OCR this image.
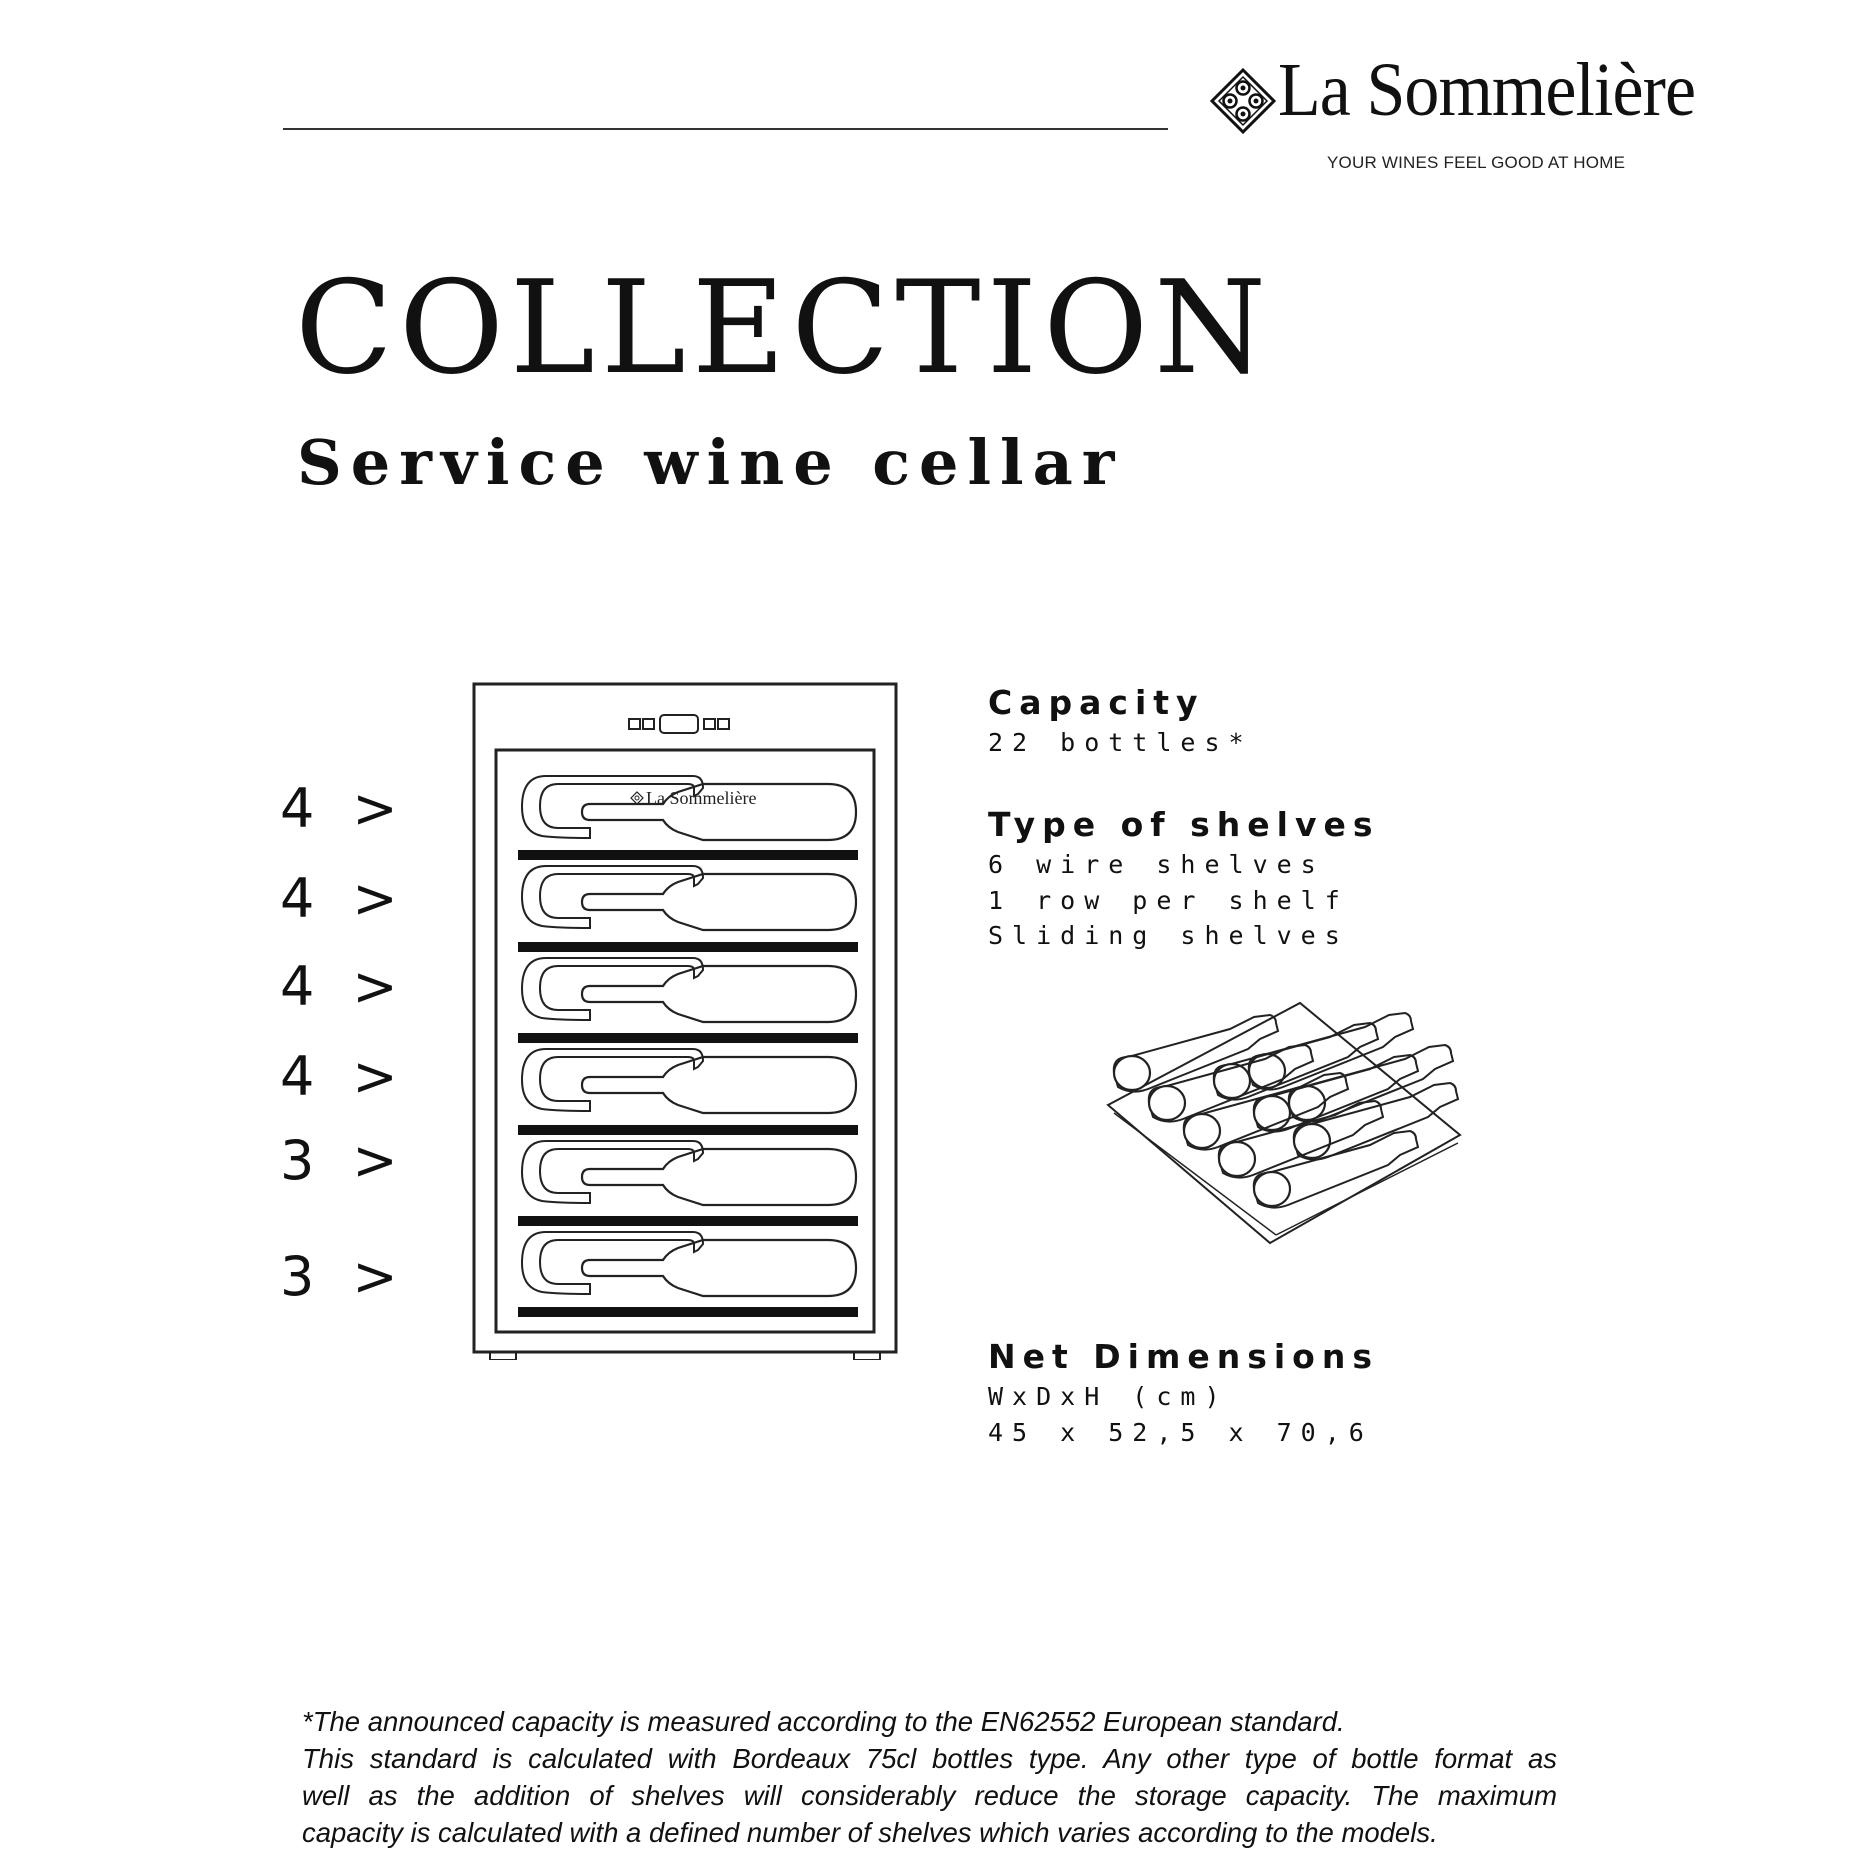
La Sommelière
YOUR WINES FEEL GOOD AT HOME
COLLECTION
Service wine cellar
4 >
4 >
4 >
4 >
3 >
3 >
La Sommelière
Capacity
22 bottles*
Type of shelves
6 wire shelves
1 row per shelf
Sliding shelves
Net Dimensions
WxDxH (cm)
45 x 52,5 x 70,6
*The announced capacity is measured according to the EN62552 European standard.
This standard is calculated with Bordeaux 75cl bottles type. Any other type of bottle format as
well as the addition of shelves will considerably reduce the storage capacity. The maximum
capacity is calculated with a defined number of shelves which varies according to the models.
